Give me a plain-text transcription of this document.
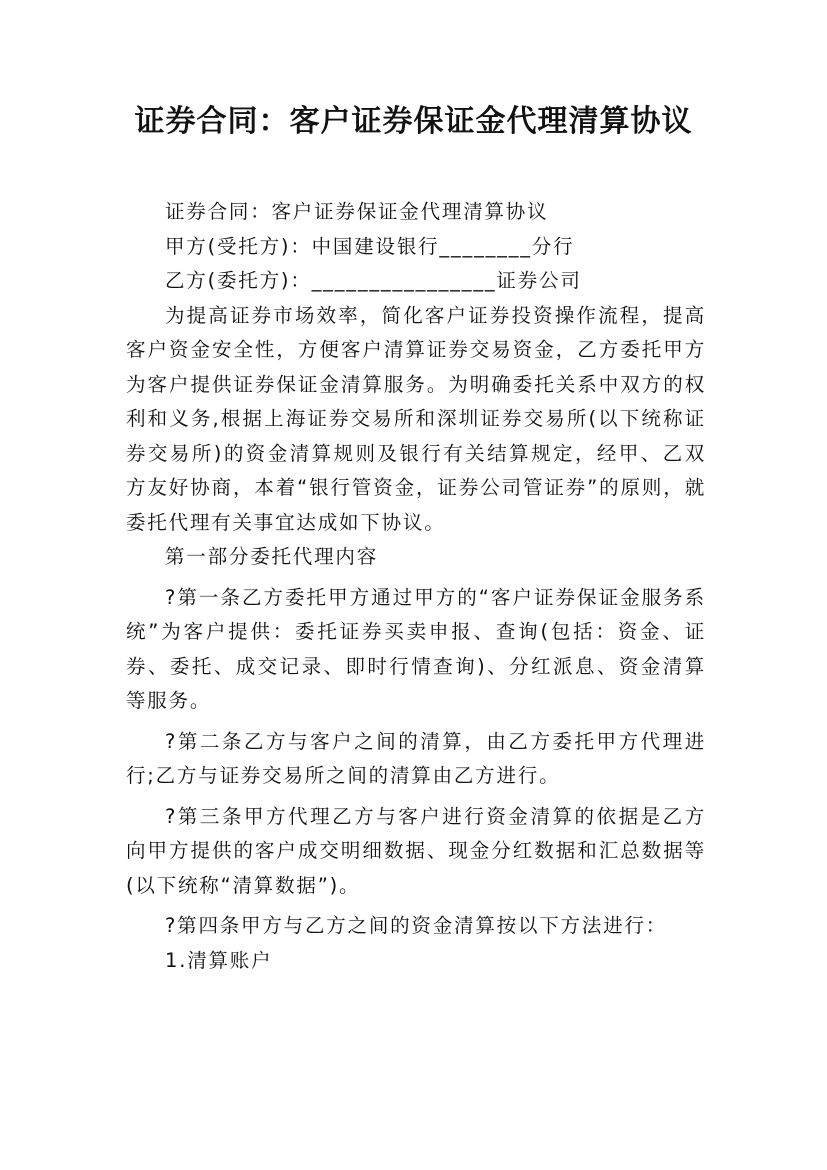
证券合同：客户证券保证金代理清算协议

证券合同：客户证券保证金代理清算协议

甲方(受托方)：中国建设银行________分行

乙方(委托方)：________________证券公司

为提高证券市场效率，简化客户证券投资操作流程，提高客户资金安全性，方便客户清算证券交易资金，乙方委托甲方为客户提供证券保证金清算服务。为明确委托关系中双方的权利和义务,根据上海证券交易所和深圳证券交易所(以下统称证券交易所)的资金清算规则及银行有关结算规定，经甲、乙双方友好协商，本着“银行管资金，证券公司管证券”的原则，就委托代理有关事宜达成如下协议。

第一部分委托代理内容

?第一条乙方委托甲方通过甲方的“客户证券保证金服务系统”为客户提供：委托证券买卖申报、查询(包括：资金、证券、委托、成交记录、即时行情查询)、分红派息、资金清算等服务。

?第二条乙方与客户之间的清算，由乙方委托甲方代理进行;乙方与证券交易所之间的清算由乙方进行。

?第三条甲方代理乙方与客户进行资金清算的依据是乙方向甲方提供的客户成交明细数据、现金分红数据和汇总数据等(以下统称“清算数据”)。

?第四条甲方与乙方之间的资金清算按以下方法进行：

1.清算账户
